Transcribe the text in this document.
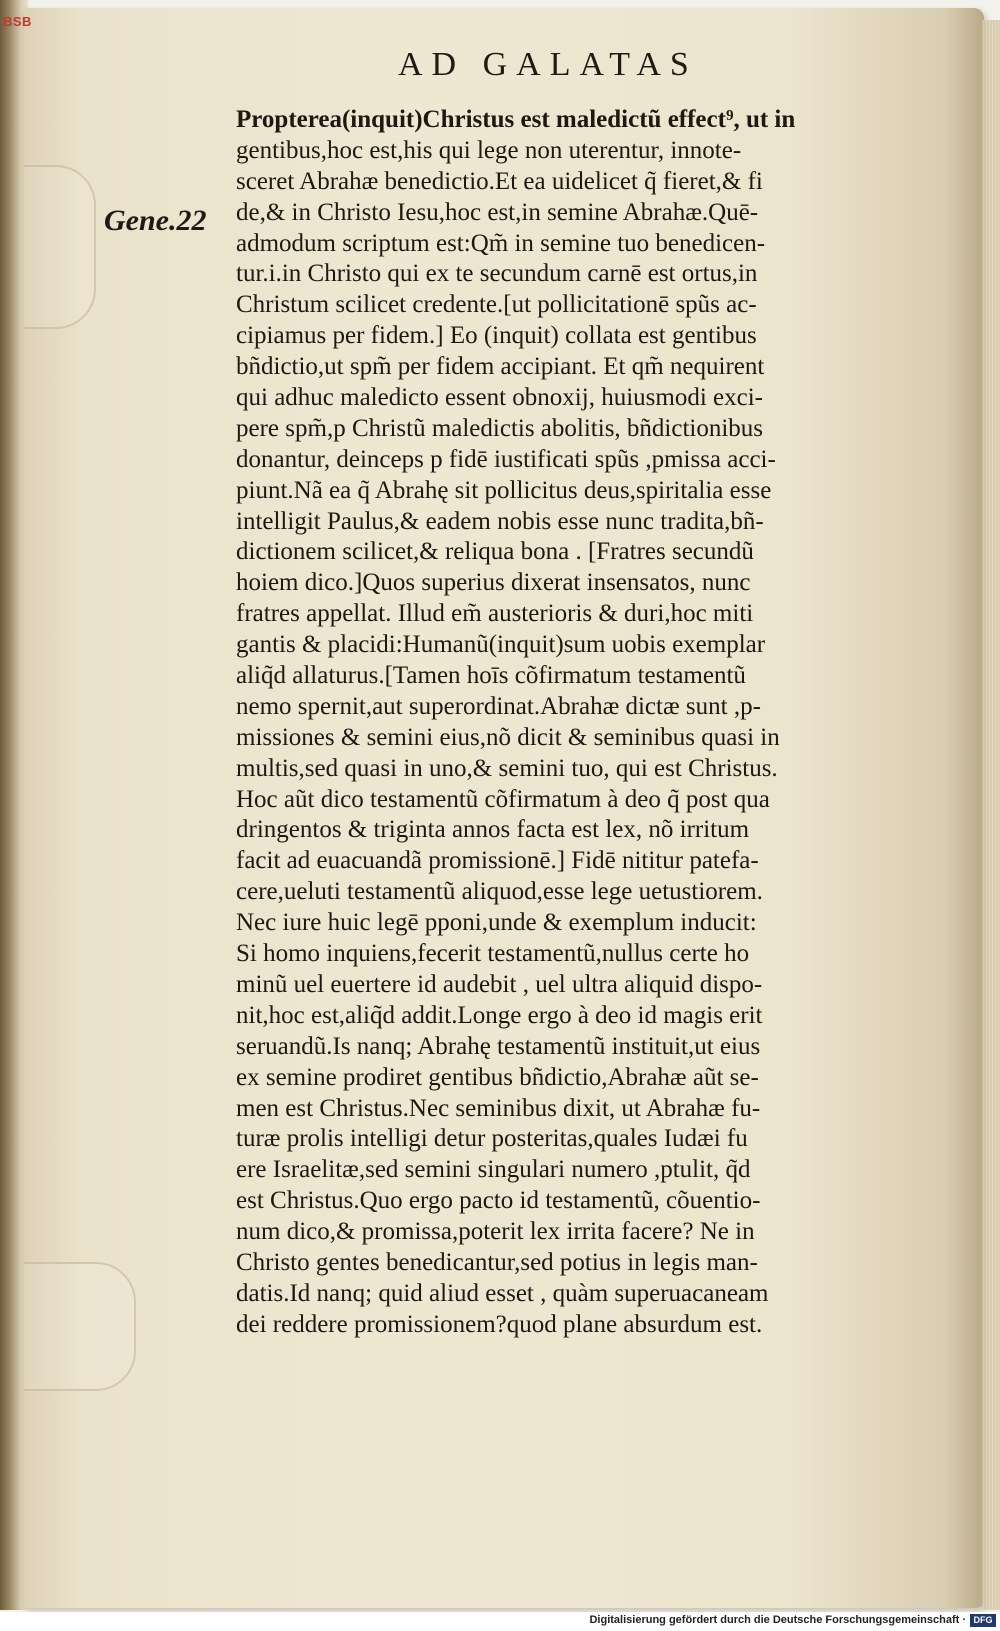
BSB
AD GALATAS
Gene.22
Propterea(inquit)Christus est maledictũ effect⁹, ut in
gentibus,hoc est,his qui lege non uterentur, innote-
sceret Abrahæ benedictio.Et ea uidelicet q̃ fieret,& fi
de,& in Christo Iesu,hoc est,in semine Abrahæ.Quē-
admodum scriptum est:Qm̃ in semine tuo benedicen-
tur.i.in Christo qui ex te secundum carnē est ortus,in
Christum scilicet credente.[ut pollicitationē spũs ac-
cipiamus per fidem.] Eo (inquit) collata est gentibus
bñdictio,ut spm̃ per fidem accipiant. Et qm̃ nequirent
qui adhuc maledicto essent obnoxij, huiusmodi exci-
pere spm̃,p Christũ maledictis abolitis, bñdictionibus
donantur, deinceps p fidē iustificati spũs ,pmissa acci-
piunt.Nã ea q̃ Abrahę sit pollicitus deus,spiritalia esse
intelligit Paulus,& eadem nobis esse nunc tradita,bñ-
dictionem scilicet,& reliqua bona . [Fratres secundũ
hoiem dico.]Quos superius dixerat insensatos, nunc
fratres appellat. Illud em̃ austerioris & duri,hoc miti
gantis & placidi:Humanũ(inquit)sum uobis exemplar
aliq̃d allaturus.[Tamen hoīs cõfirmatum testamentũ
nemo spernit,aut superordinat.Abrahæ dictæ sunt ,p-
missiones & semini eius,nõ dicit & seminibus quasi in
multis,sed quasi in uno,& semini tuo, qui est Christus.
Hoc aũt dico testamentũ cõfirmatum à deo q̃ post qua
dringentos & triginta annos facta est lex, nõ irritum
facit ad euacuandã promissionē.] Fidē nititur patefa-
cere,ueluti testamentũ aliquod,esse lege uetustiorem.
Nec iure huic legē pponi,unde & exemplum inducit:
Si homo inquiens,fecerit testamentũ,nullus certe ho
minũ uel euertere id audebit , uel ultra aliquid dispo-
nit,hoc est,aliq̃d addit.Longe ergo à deo id magis erit
seruandũ.Is nanq; Abrahę testamentũ instituit,ut eius
ex semine prodiret gentibus bñdictio,Abrahæ aũt se-
men est Christus.Nec seminibus dixit, ut Abrahæ fu-
turæ prolis intelligi detur posteritas,quales Iudæi fu
ere Israelitæ,sed semini singulari numero ,ptulit, q̃d
est Christus.Quo ergo pacto id testamentũ, cõuentio-
num dico,& promissa,poterit lex irrita facere? Ne in
Christo gentes benedicantur,sed potius in legis man-
datis.Id nanq; quid aliud esset , quàm superuacaneam
dei reddere promissionem?quod plane absurdum est.
Digitalisierung gefördert durch die Deutsche Forschungsgemeinschaft · DFG
